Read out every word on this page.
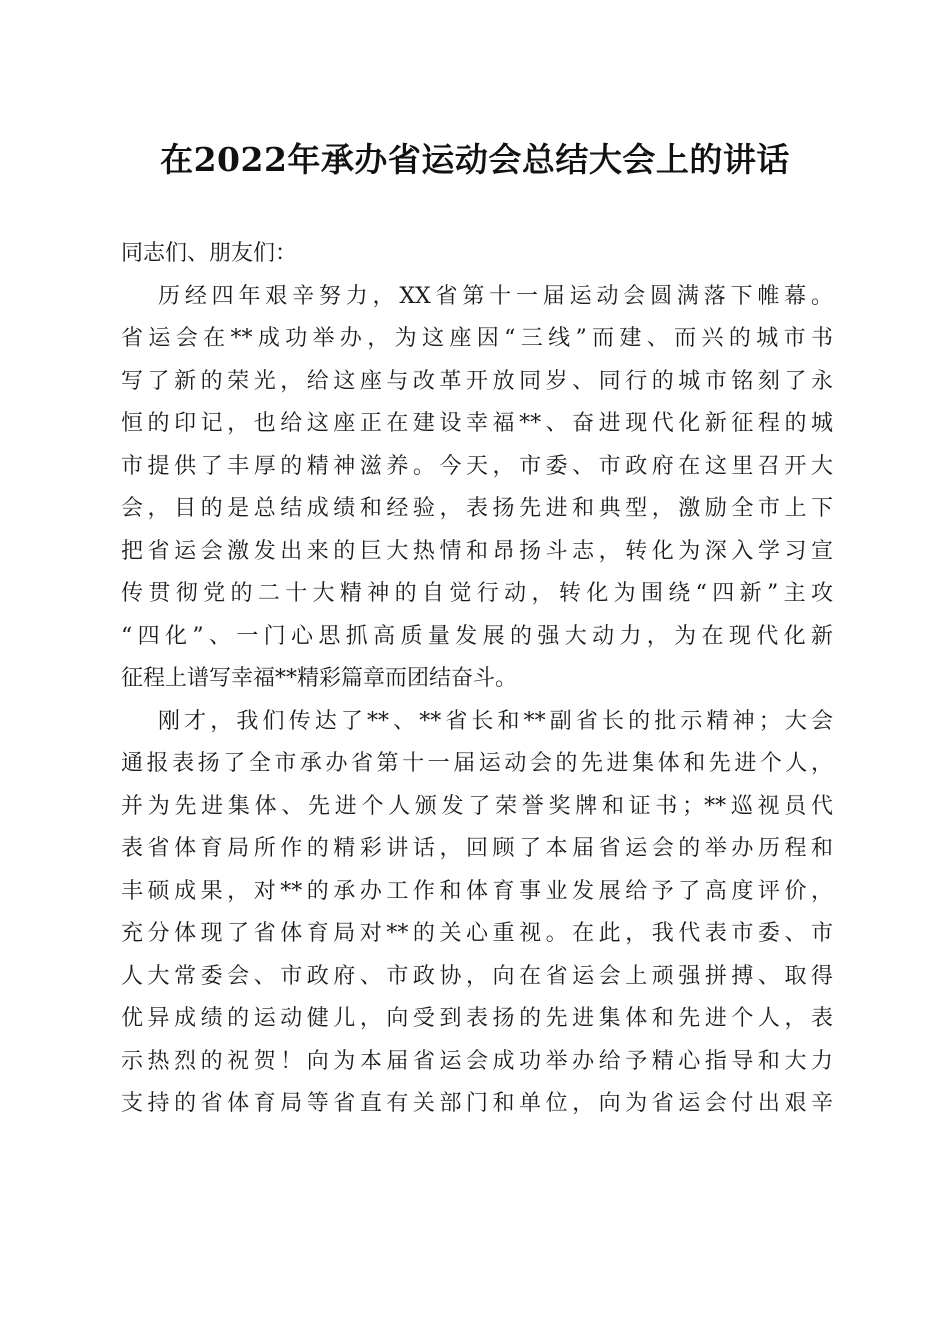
在2022年承办省运动会总结大会上的讲话
同志们、朋友们：
历经四年艰辛努力，XX省第十一届运动会圆满落下帷幕。
省运会在**成功举办，为这座因“三线”而建、而兴的城市书
写了新的荣光，给这座与改革开放同岁、同行的城市铭刻了永
恒的印记，也给这座正在建设幸福**、奋进现代化新征程的城
市提供了丰厚的精神滋养。今天，市委、市政府在这里召开大
会，目的是总结成绩和经验，表扬先进和典型，激励全市上下
把省运会激发出来的巨大热情和昂扬斗志，转化为深入学习宣
传贯彻党的二十大精神的自觉行动，转化为围绕“四新”主攻
“四化”、一门心思抓高质量发展的强大动力，为在现代化新
征程上谱写幸福**精彩篇章而团结奋斗。
刚才，我们传达了**、**省长和**副省长的批示精神；大会
通报表扬了全市承办省第十一届运动会的先进集体和先进个人，
并为先进集体、先进个人颁发了荣誉奖牌和证书；**巡视员代
表省体育局所作的精彩讲话，回顾了本届省运会的举办历程和
丰硕成果，对**的承办工作和体育事业发展给予了高度评价，
充分体现了省体育局对**的关心重视。在此，我代表市委、市
人大常委会、市政府、市政协，向在省运会上顽强拼搏、取得
优异成绩的运动健儿，向受到表扬的先进集体和先进个人，表
示热烈的祝贺！向为本届省运会成功举办给予精心指导和大力
支持的省体育局等省直有关部门和单位，向为省运会付出艰辛
